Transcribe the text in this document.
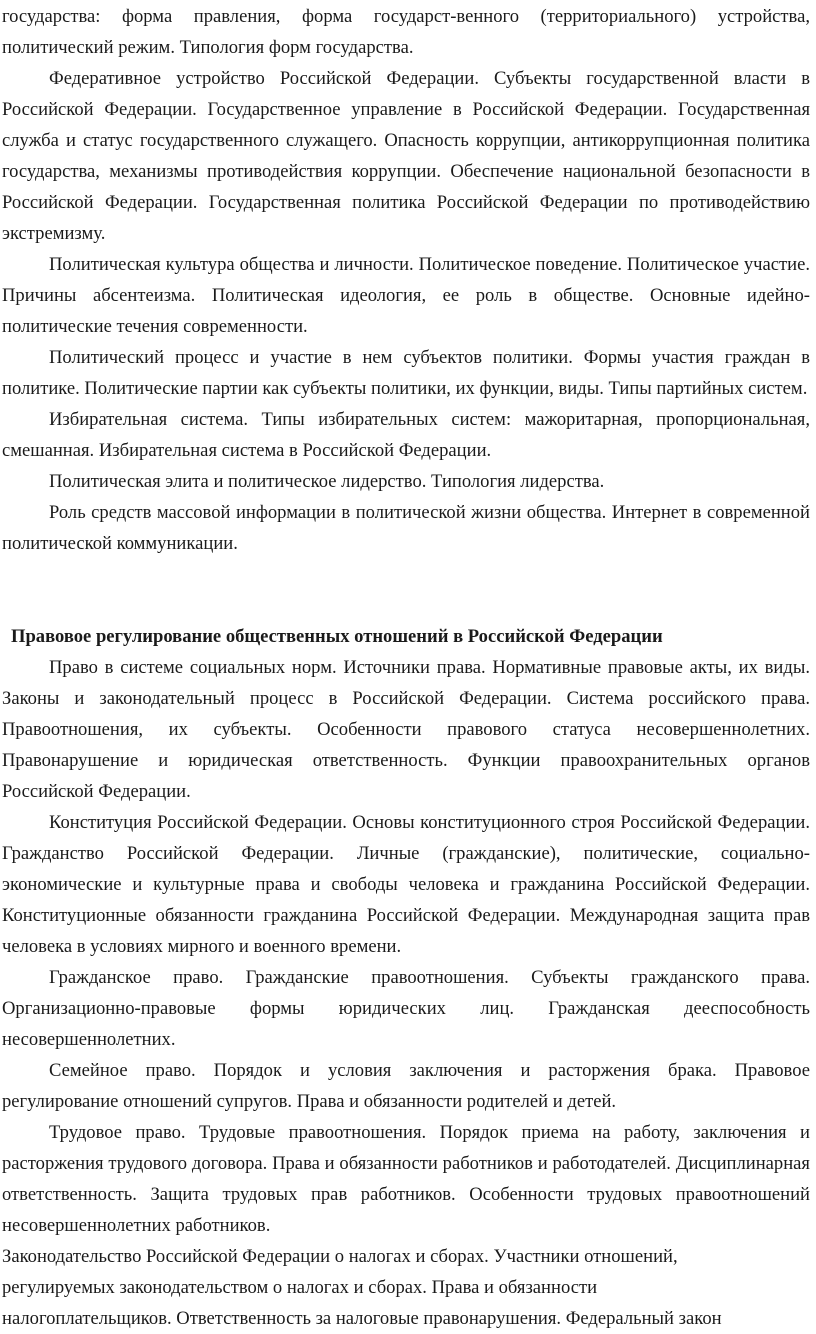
государства: форма правления, форма государст-венного (территориального) устройства, политический режим. Типология форм государства.

Федеративное устройство Российской Федерации. Субъекты государственной власти в Российской Федерации. Государственное управление в Российской Федерации. Государственная служба и статус государственного служащего. Опасность коррупции, антикоррупционная политика государства, механизмы противодействия коррупции. Обеспечение национальной безопасности в Российской Федерации. Государственная политика Российской Федерации по противодействию экстремизму.

Политическая культура общества и личности. Политическое поведение. Политическое участие. Причины абсентеизма. Политическая идеология, ее роль в обществе. Основные идейно-политические течения современности.

Политический процесс и участие в нем субъектов политики. Формы участия граждан в политике. Политические партии как субъекты политики, их функции, виды. Типы партийных систем.

Избирательная система. Типы избирательных систем: мажоритарная, пропорциональная, смешанная. Избирательная система в Российской Федерации.

Политическая элита и политическое лидерство. Типология лидерства.

Роль средств массовой информации в политической жизни общества. Интернет в современной политической коммуникации.

Правовое регулирование общественных отношений в Российской Федерации

Право в системе социальных норм. Источники права. Нормативные правовые акты, их виды. Законы и законодательный процесс в Российской Федерации. Система российского права. Правоотношения, их субъекты. Особенности правового статуса несовершеннолетних. Правонарушение и юридическая ответственность. Функции правоохранительных органов Российской Федерации.

Конституция Российской Федерации. Основы конституционного строя Российской Федерации. Гражданство Российской Федерации. Личные (гражданские), политические, социально-экономические и культурные права и свободы человека и гражданина Российской Федерации. Конституционные обязанности гражданина Российской Федерации. Международная защита прав человека в условиях мирного и военного времени.

Гражданское право. Гражданские правоотношения. Субъекты гражданского права. Организационно-правовые формы юридических лиц. Гражданская дееспособность несовершеннолетних.

Семейное право. Порядок и условия заключения и расторжения брака. Правовое регулирование отношений супругов. Права и обязанности родителей и детей.

Трудовое право. Трудовые правоотношения. Порядок приема на работу, заключения и расторжения трудового договора. Права и обязанности работников и работодателей. Дисциплинарная ответственность. Защита трудовых прав работников. Особенности трудовых правоотношений несовершеннолетних работников.

Законодательство Российской Федерации о налогах и сборах. Участники отношений,
регулируемых законодательством о налогах и сборах. Права и обязанности
налогоплательщиков. Ответственность за налоговые правонарушения. Федеральный закон
